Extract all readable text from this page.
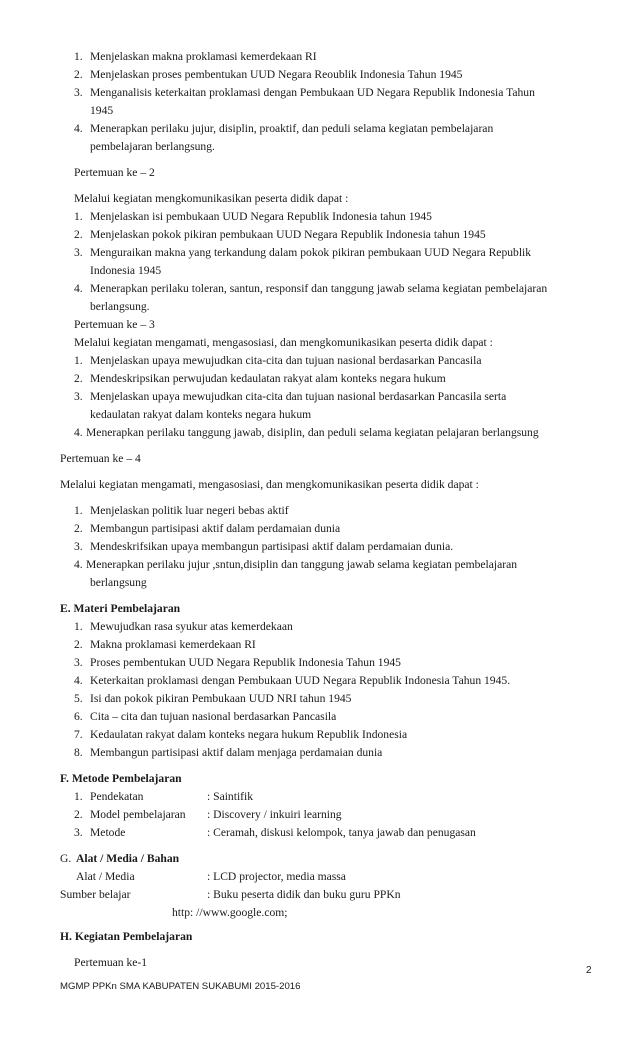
1. Menjelaskan makna proklamasi kemerdekaan RI
2. Menjelaskan proses pembentukan UUD Negara Reoublik Indonesia Tahun 1945
3. Menganalisis keterkaitan proklamasi dengan Pembukaan UD Negara Republik Indonesia Tahun
1945
4. Menerapkan perilaku jujur, disiplin, proaktif, dan peduli selama kegiatan pembelajaran
pembelajaran berlangsung.
Pertemuan ke – 2
Melalui kegiatan mengkomunikasikan peserta didik dapat :
1. Menjelaskan isi pembukaan UUD Negara Republik Indonesia tahun 1945
2. Menjelaskan pokok pikiran pembukaan UUD Negara Republik Indonesia tahun 1945
3. Menguraikan makna yang terkandung dalam pokok pikiran pembukaan UUD Negara Republik
Indonesia 1945
4. Menerapkan perilaku toleran, santun, responsif dan tanggung jawab selama kegiatan pembelajaran
berlangsung.
Pertemuan ke – 3
Melalui kegiatan mengamati, mengasosiasi, dan mengkomunikasikan peserta didik dapat :
1. Menjelaskan upaya mewujudkan cita-cita dan tujuan nasional berdasarkan Pancasila
2. Mendeskripsikan perwujudan kedaulatan rakyat alam konteks negara hukum
3. Menjelaskan upaya mewujudkan cita-cita dan tujuan nasional berdasarkan Pancasila serta
kedaulatan rakyat dalam konteks negara hukum
4. Menerapkan perilaku tanggung jawab, disiplin, dan peduli selama kegiatan pelajaran berlangsung
Pertemuan ke – 4
Melalui kegiatan mengamati, mengasosiasi, dan mengkomunikasikan peserta didik dapat :
1. Menjelaskan politik luar negeri bebas aktif
2. Membangun partisipasi aktif dalam perdamaian dunia
3. Mendeskrifsikan upaya membangun partisipasi aktif dalam perdamaian dunia.
4. Menerapkan perilaku jujur ,sntun,disiplin dan tanggung jawab selama kegiatan pembelajaran
berlangsung
E. Materi Pembelajaran
1. Mewujudkan rasa syukur atas kemerdekaan
2. Makna proklamasi kemerdekaan RI
3. Proses pembentukan UUD Negara Republik Indonesia Tahun 1945
4. Keterkaitan proklamasi dengan Pembukaan UUD Negara Republik Indonesia Tahun 1945.
5. Isi dan pokok pikiran Pembukaan UUD NRI tahun 1945
6. Cita – cita dan tujuan nasional berdasarkan Pancasila
7. Kedaulatan rakyat dalam konteks negara hukum Republik Indonesia
8. Membangun partisipasi aktif dalam menjaga perdamaian dunia
F. Metode Pembelajaran
1. Pendekatan	: Saintifik
2. Model pembelajaran : Discovery / inkuiri learning
3. Metode	: Ceramah, diskusi kelompok, tanya jawab dan penugasan
G. Alat / Media / Bahan
Alat / Media	: LCD projector, media massa
Sumber belajar	: Buku peserta didik dan buku guru PPKn
http: //www.google.com;
H. Kegiatan Pembelajaran
Pertemuan ke-1
2
MGMP PPKn SMA KABUPATEN SUKABUMI 2015-2016
